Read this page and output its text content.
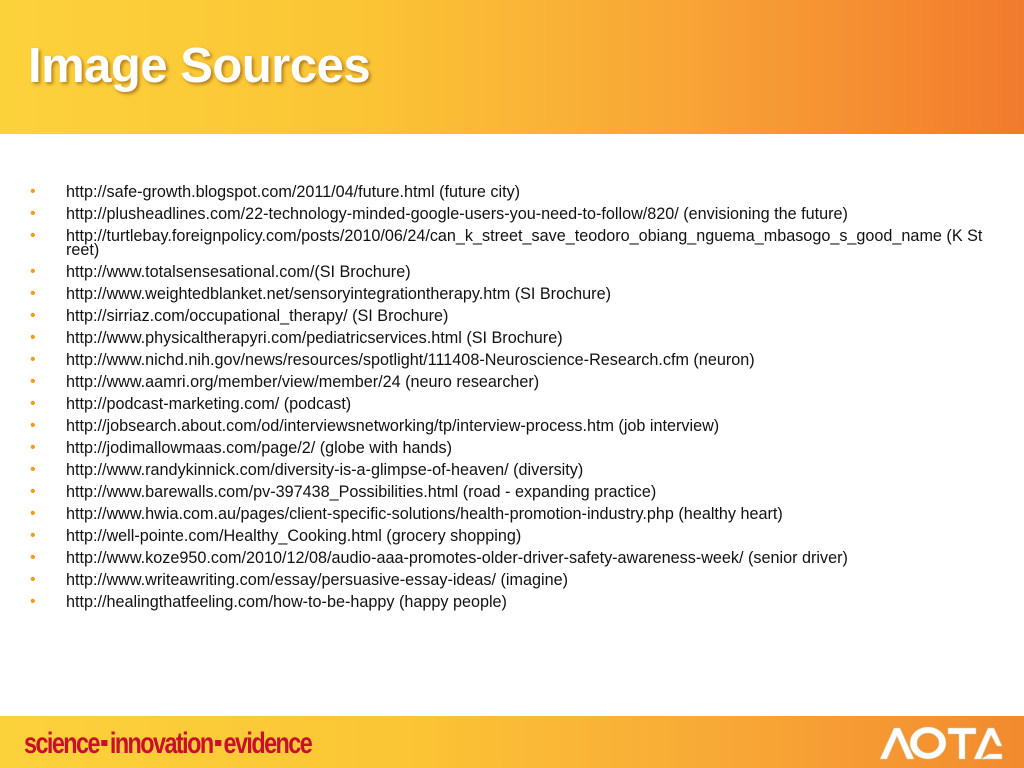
Image Sources
• http://safe-growth.blogspot.com/2011/04/future.html (future city)
• http://plusheadlines.com/22-technology-minded-google-users-you-need-to-follow/820/ (envisioning the future)
• http://turtlebay.foreignpolicy.com/posts/2010/06/24/can_k_street_save_teodoro_obiang_nguema_mbasogo_s_good_name (K Street)
• http://www.totalsensesational.com/(SI Brochure)
• http://www.weightedblanket.net/sensoryintegrationtherapy.htm (SI Brochure)
• http://sirriaz.com/occupational_therapy/ (SI Brochure)
• http://www.physicaltherapyri.com/pediatricservices.html (SI Brochure)
• http://www.nichd.nih.gov/news/resources/spotlight/111408-Neuroscience-Research.cfm (neuron)
• http://www.aamri.org/member/view/member/24 (neuro researcher)
• http://podcast-marketing.com/ (podcast)
• http://jobsearch.about.com/od/interviewsnetworking/tp/interview-process.htm (job interview)
• http://jodimallowmaas.com/page/2/ (globe with hands)
• http://www.randykinnick.com/diversity-is-a-glimpse-of-heaven/ (diversity)
• http://www.barewalls.com/pv-397438_Possibilities.html (road - expanding practice)
• http://www.hwia.com.au/pages/client-specific-solutions/health-promotion-industry.php (healthy heart)
• http://well-pointe.com/Healthy_Cooking.html (grocery shopping)
• http://www.koze950.com/2010/12/08/audio-aaa-promotes-older-driver-safety-awareness-week/ (senior driver)
• http://www.writeawriting.com/essay/persuasive-essay-ideas/ (imagine)
• http://healingthatfeeling.com/how-to-be-happy (happy people)
science innovation evidence
AOTA
